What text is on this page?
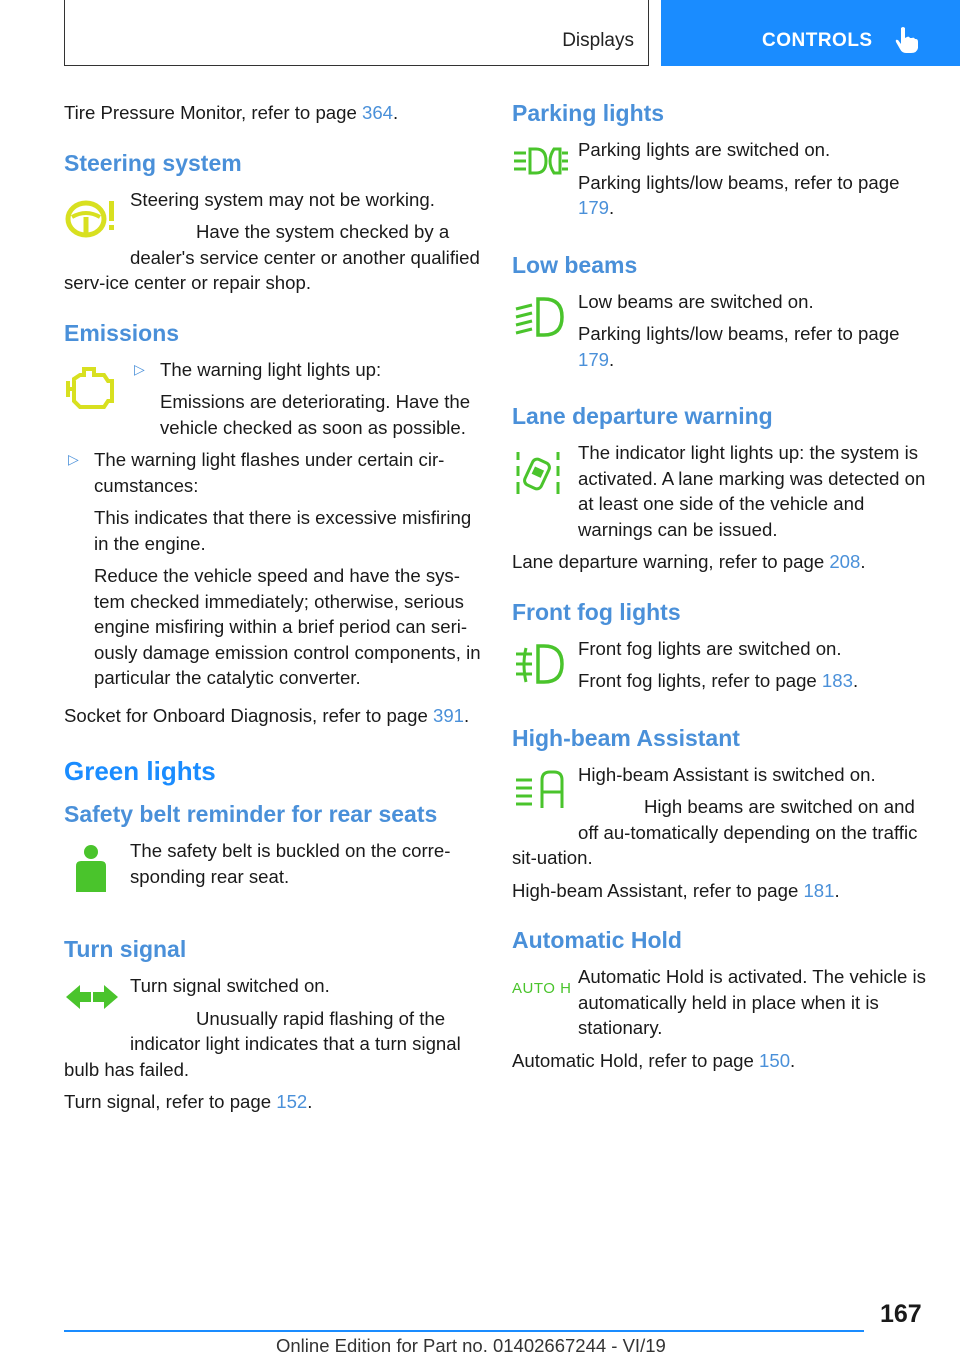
Displays	CONTROLS

Tire Pressure Monitor, refer to page 364.

Steering system

Steering system may not be working.

Have the system checked by a dealer's service center or another qualified serv-ice center or repair shop.

Emissions

▷ The warning light lights up:

Emissions are deteriorating. Have the vehicle checked as soon as possible.

▷ The warning light flashes under certain cir-cumstances:

This indicates that there is excessive misfiring in the engine.

Reduce the vehicle speed and have the sys-tem checked immediately; otherwise, serious engine misfiring within a brief period can seri-ously damage emission control components, in particular the catalytic converter.

Socket for Onboard Diagnosis, refer to page 391.

Green lights
Safety belt reminder for rear seats

The safety belt is buckled on the corre-sponding rear seat.

Turn signal

Turn signal switched on.

Unusually rapid flashing of the indicator light indicates that a turn signal bulb has failed.

Turn signal, refer to page 152.

Parking lights

Parking lights are switched on.

Parking lights/low beams, refer to page 179.

Low beams

Low beams are switched on.

Parking lights/low beams, refer to page 179.

Lane departure warning

The indicator light lights up: the system is activated. A lane marking was detected on at least one side of the vehicle and warnings can be issued.

Lane departure warning, refer to page 208.

Front fog lights

Front fog lights are switched on.

Front fog lights, refer to page 183.

High-beam Assistant

High-beam Assistant is switched on.

High beams are switched on and off au-tomatically depending on the traffic sit-uation.

High-beam Assistant, refer to page 181.

Automatic Hold
AUTO H

Automatic Hold is activated. The vehicle is automatically held in place when it is stationary.

Automatic Hold, refer to page 150.

167
Online Edition for Part no. 01402667244 - VI/19
